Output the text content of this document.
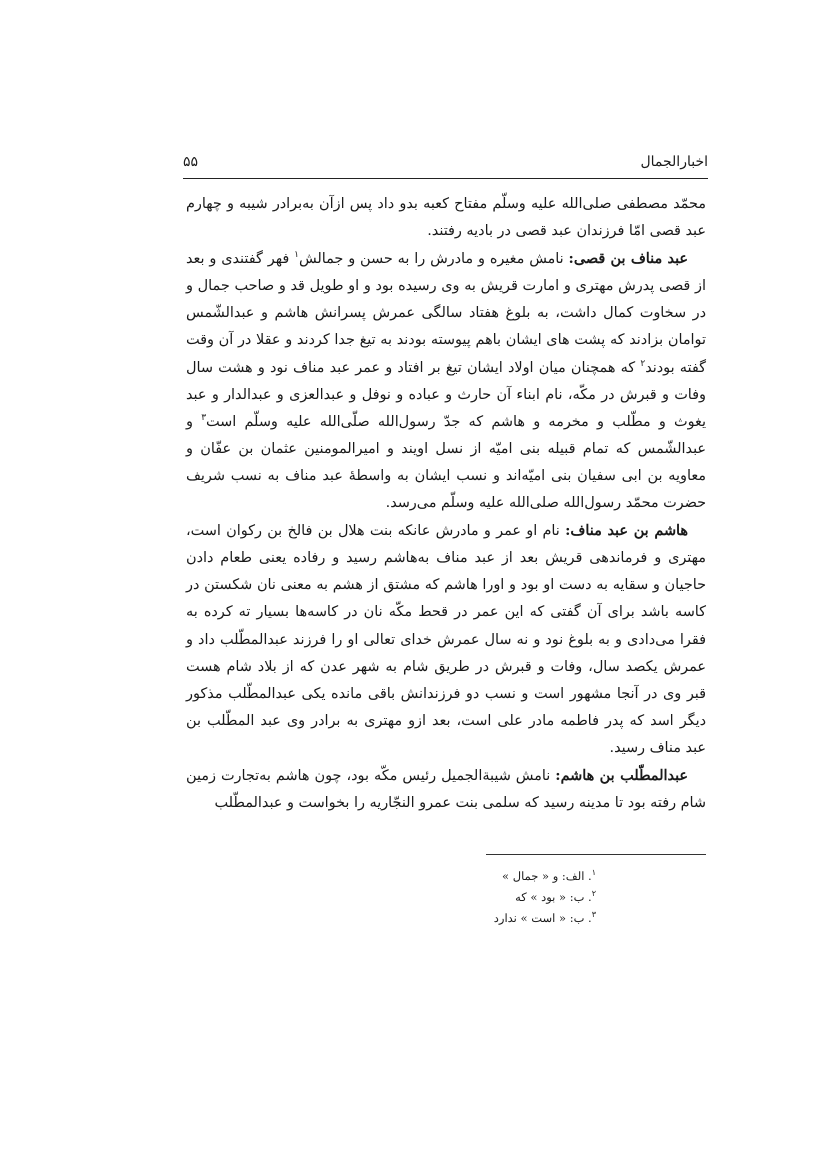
اخبارالجمال
۵۵

محمّد مصطفی صلی‌الله علیه وسلّم مفتاح کعبه بدو داد پس ازآن به‌برادر شیبه و چهارم عبد قصی امّا فرزندان عبد قصی در بادیه رفتند.

عبد مناف بن قصی: نامش مغیره و مادرش را به حسن و جمالش$^۱$ فهر گفتندی و بعد از قصی پدرش مهتری و امارت قریش به وی رسیده بود و او طویل قد و صاحب جمال و در سخاوت کمال داشت، به بلوغ هفتاد سالگی عمرش پسرانش هاشم و عبدالشّمس توامان بزادند که پشت های ایشان باهم پیوسته بودند به تیغ جدا کردند و عقلا در آن وقت گفته بودند$^۲$ که همچنان میان اولاد ایشان تیغ بر افتاد و عمر عبد مناف نود و هشت سال وفات و قبرش در مکّه، نام ابناء آن حارث و عباده و نوفل و عبدالعزی و عبدالدار و عبد یغوث و مطّلب و مخرمه و هاشم که جدّ رسول‌الله صلّی‌الله علیه وسلّم است$^۳$ و عبدالشّمس که تمام قبیله بنی امیّه از نسل اویند و امیرالمومنین عثمان بن عفّان و معاویه بن ابی سفیان بنی امیّه‌اند و نسب ایشان به واسطهٔ عبد مناف به نسب شریف حضرت محمّد رسول‌الله صلی‌الله علیه وسلّم می‌رسد.

هاشم بن عبد مناف: نام او عمر و مادرش عانکه بنت هلال بن فالخ بن رکوان است، مهتری و فرماندهی قریش بعد از عبد مناف به‌هاشم رسید و رفاده یعنی طعام دادن حاجیان و سقایه به دست او بود و اورا هاشم که مشتق از هشم به معنی نان شکستن در کاسه باشد برای آن گفتی که این عمر در قحط مکّه نان در کاسه‌ها بسیار ته کرده به فقرا می‌دادی و به بلوغ نود و نه سال عمرش خدای تعالی او را فرزند عبدالمطّلب داد و عمرش یکصد سال، وفات و قبرش در طریق شام به شهر عدن که از بلاد شام هست قبر وی در آنجا مشهور است و نسب دو فرزندانش باقی مانده یکی عبدالمطّلب مذکور دیگر اسد که پدر فاطمه مادر علی است، بعد ازو مهتری به برادر وی عبد المطّلب بن عبد مناف رسید.

عبدالمطّلب بن هاشم: نامش شیبةالجمیل رئیس مکّه بود، چون هاشم به‌تجارت زمین شام رفته بود تا مدینه رسید که سلمی بنت عمرو النجّاریه را بخواست و عبدالمطّلب

$^۱$. الف: و « جمال »
$^۲$. ب: « بود » که
$^۳$. ب: « است » ندارد
